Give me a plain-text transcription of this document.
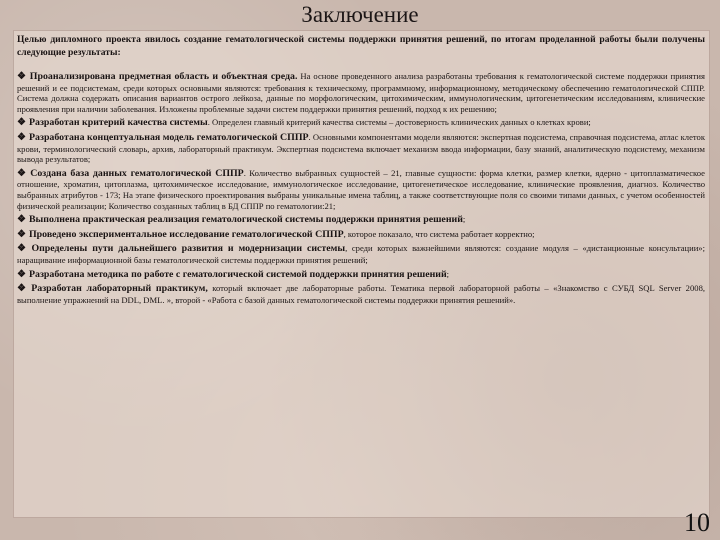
Заключение
Целью дипломного проекта явилось создание гематологической системы поддержки принятия решений, по итогам проделанной работы были получены следующие результаты:
❖ Проанализирована предметная область и объектная среда. На основе проведенного анализа разработаны требования к гематологической системе поддержки принятия решений и ее подсистемам, среди которых основными являются: требования к техническому, программному, информационному, методическому обеспечению гематологической СППР. Система должна содержать описания вариантов острого лейкоза, данные по морфологическим, цитохимическим, иммунологическим, цитогенетическим исследованиям, клинические проявления при наличии заболевания. Изложены проблемные задачи систем поддержки принятия решений, подход к их решению;
❖ Разработан критерий качества системы. Определен главный критерий качества системы – достоверность клинических данных о клетках крови;
❖ Разработана концептуальная модель гематологической СППР. Основными компонентами модели являются: экспертная подсистема, справочная подсистема, атлас клеток крови, терминологический словарь, архив, лабораторный практикум. Экспертная подсистема включает механизм ввода информации, базу знаний, аналитическую подсистему, механизм вывода результатов;
❖ Создана база данных гематологической СППР. Количество выбранных сущностей – 21, главные сущности: форма клетки, размер клетки, ядерно - цитоплазматическое отношение, хроматин, цитоплазма, цитохимическое исследование, иммунологическое исследование, цитогенетическое исследование, клинические проявления, диагноз. Количество выбранных атрибутов - 173; На этапе физического проектирования выбраны уникальные имена таблиц, а также соответствующие поля со своими типами данных, с учетом особенностей физической реализации; Количество созданных таблиц в БД СППР по гематологии:21;
❖ Выполнена практическая реализация гематологической системы поддержки принятия решений;
❖ Проведено экспериментальное исследование гематологической СППР, которое показало, что система работает корректно;
❖ Определены пути дальнейшего развития и модернизации системы, среди которых важнейшими являются: создание модуля – «дистанционные консультации»; наращивание информационной базы гематологической системы поддержки принятия решений;
❖ Разработана методика по работе с гематологической системой поддержки принятия решений;
❖ Разработан лабораторный практикум, который включает две лабораторные работы. Тематика первой лабораторной работы – «Знакомство с СУБД SQL Server 2008, выполнение упражнений на DDL, DML. », второй - «Работа с базой данных гематологической системы поддержки принятия решений».
10
